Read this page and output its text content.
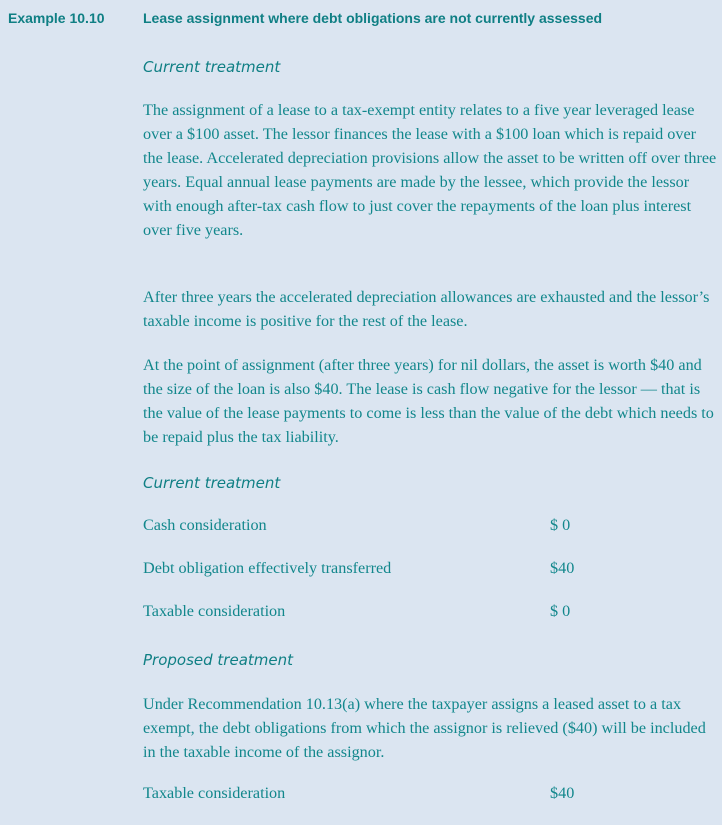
Example 10.10	Lease assignment where debt obligations are not currently assessed
Current treatment
The assignment of a lease to a tax-exempt entity relates to a five year leveraged lease over a $100 asset. The lessor finances the lease with a $100 loan which is repaid over the lease. Accelerated depreciation provisions allow the asset to be written off over three years. Equal annual lease payments are made by the lessee, which provide the lessor with enough after-tax cash flow to just cover the repayments of the loan plus interest over five years.
After three years the accelerated depreciation allowances are exhausted and the lessor’s taxable income is positive for the rest of the lease.
At the point of assignment (after three years) for nil dollars, the asset is worth $40 and the size of the loan is also $40. The lease is cash flow negative for the lessor — that is the value of the lease payments to come is less than the value of the debt which needs to be repaid plus the tax liability.
Current treatment
Cash consideration	$ 0
Debt obligation effectively transferred	$40
Taxable consideration	$ 0
Proposed treatment
Under Recommendation 10.13(a) where the taxpayer assigns a leased asset to a tax exempt, the debt obligations from which the assignor is relieved ($40) will be included in the taxable income of the assignor.
Taxable consideration	$40
